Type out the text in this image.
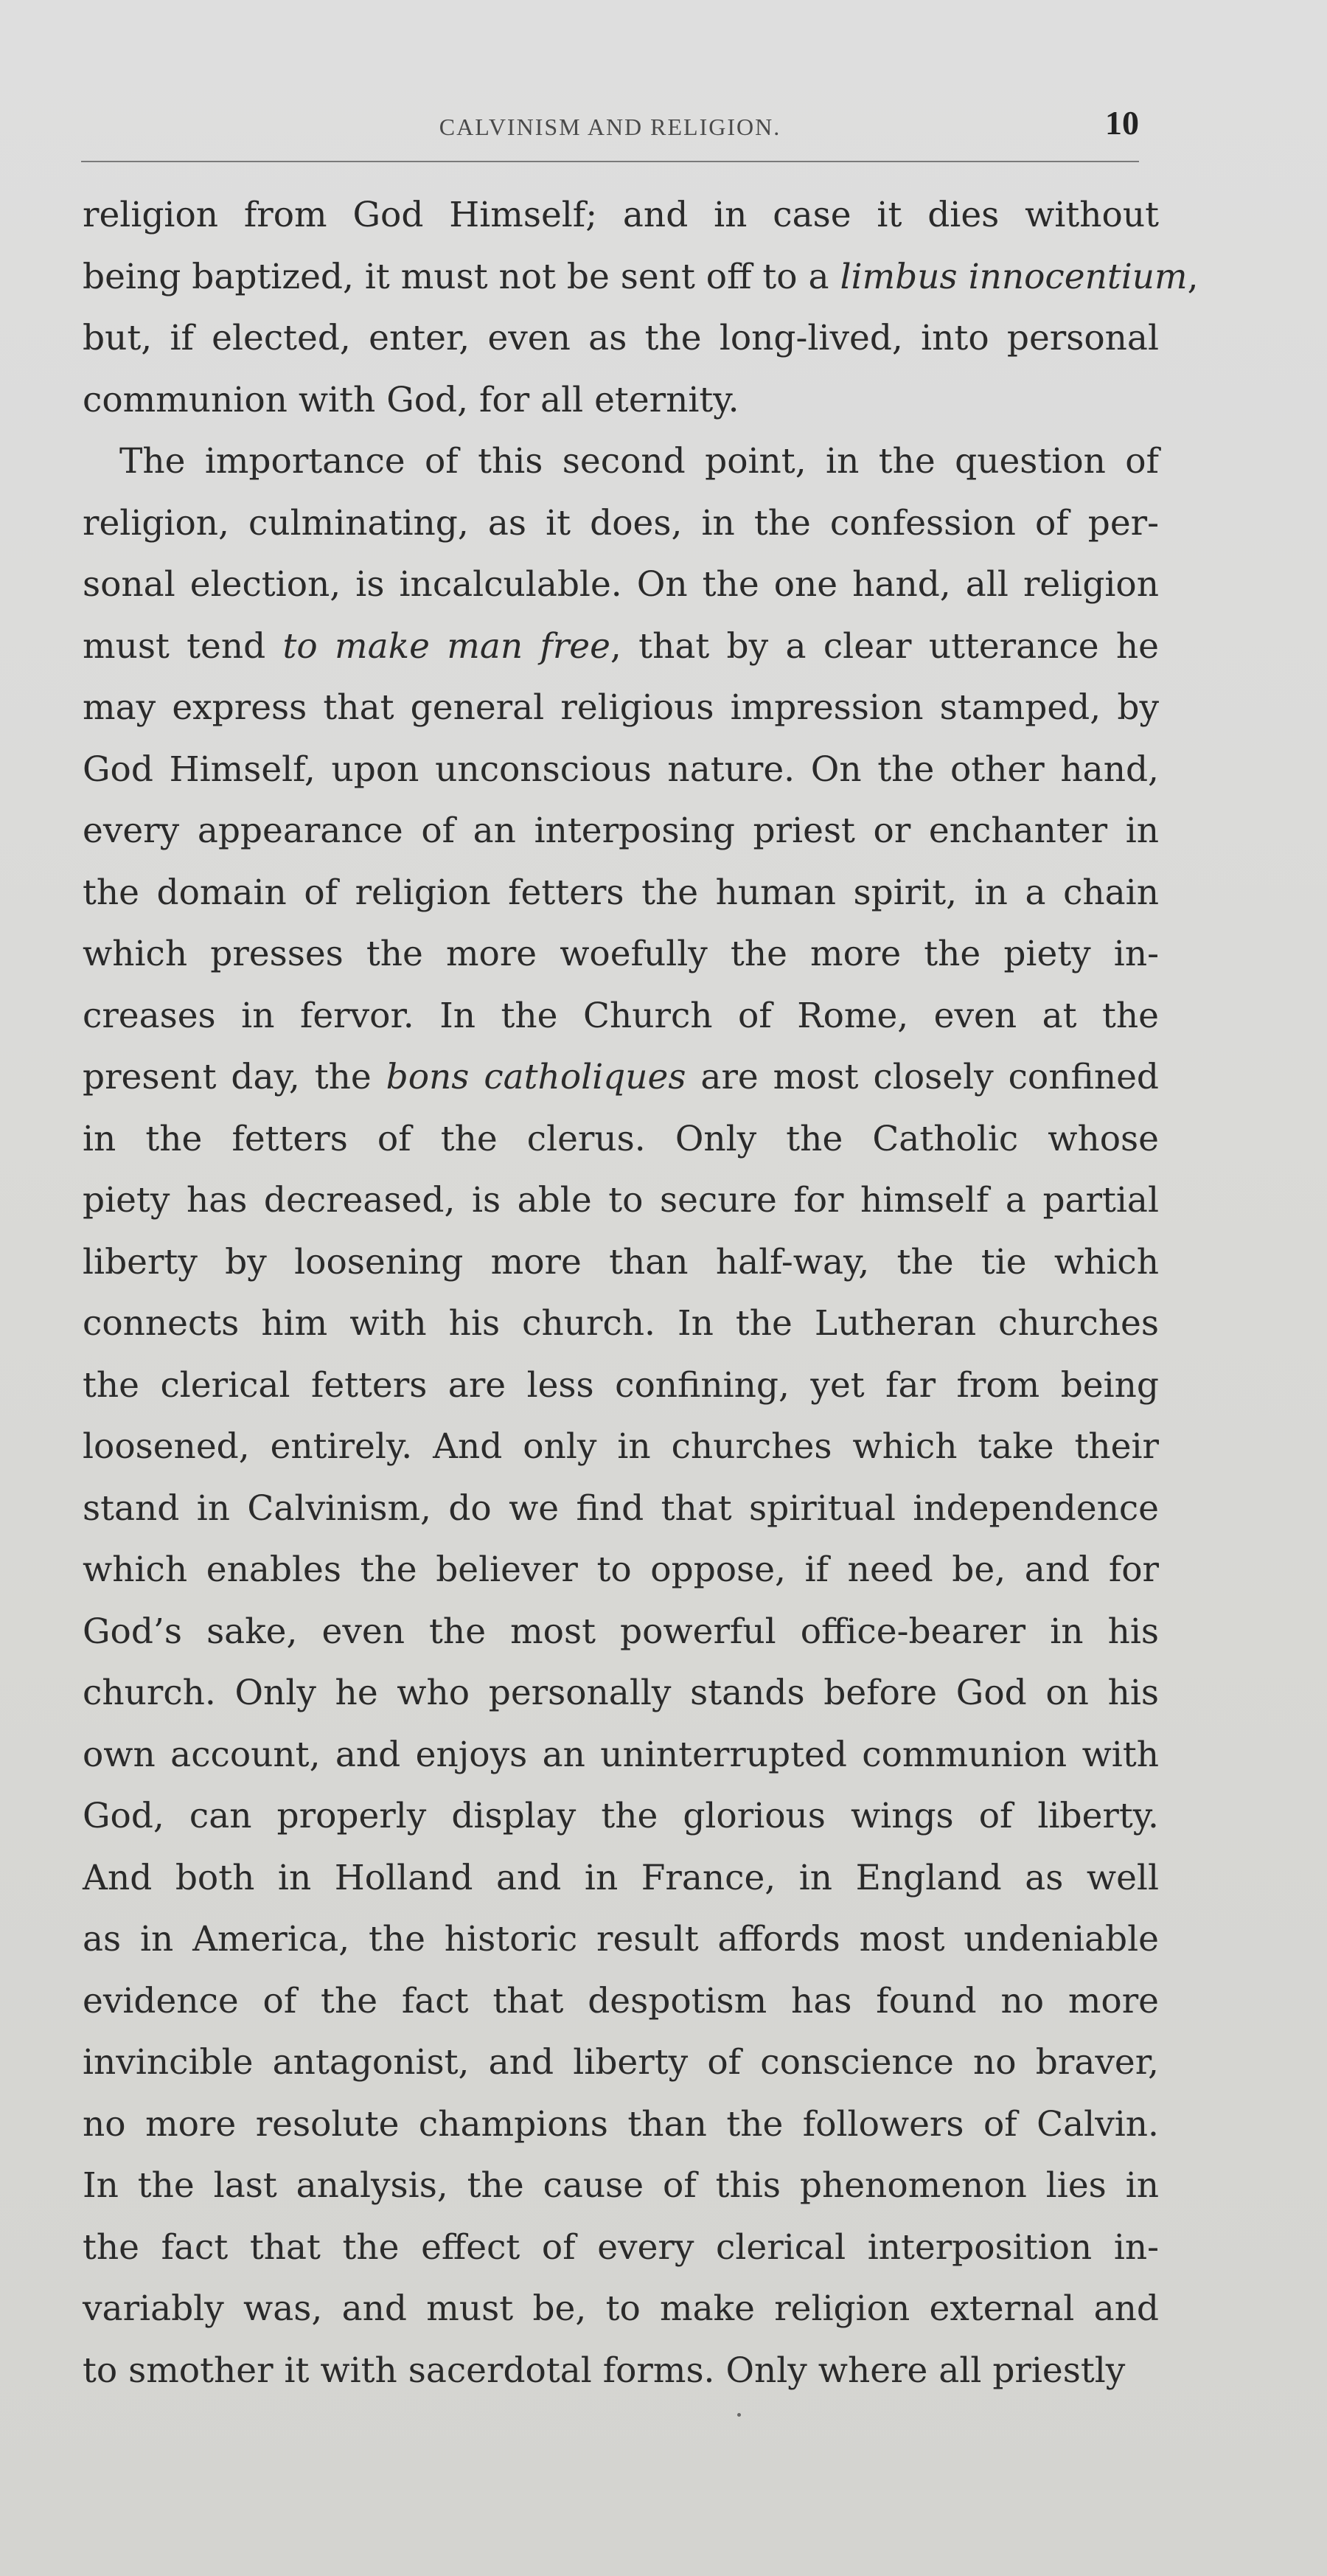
CALVINISM AND RELIGION.	10
religion from God Himself; and in case it dies without
being baptized, it must not be sent off to a limbus innocentium,
but, if elected, enter, even as the long-lived, into personal
communion with God, for all eternity.
The importance of this second point, in the question of
religion, culminating, as it does, in the confession of per-
sonal election, is incalculable. On the one hand, all religion
must tend to make man free, that by a clear utterance he
may express that general religious impression stamped, by
God Himself, upon unconscious nature. On the other hand,
every appearance of an interposing priest or enchanter in
the domain of religion fetters the human spirit, in a chain
which presses the more woefully the more the piety in-
creases in fervor. In the Church of Rome, even at the
present day, the bons catholiques are most closely confined
in the fetters of the clerus. Only the Catholic whose
piety has decreased, is able to secure for himself a partial
liberty by loosening more than half-way, the tie which
connects him with his church. In the Lutheran churches
the clerical fetters are less confining, yet far from being
loosened, entirely. And only in churches which take their
stand in Calvinism, do we find that spiritual independence
which enables the believer to oppose, if need be, and for
God’s sake, even the most powerful office-bearer in his
church. Only he who personally stands before God on his
own account, and enjoys an uninterrupted communion with
God, can properly display the glorious wings of liberty.
And both in Holland and in France, in England as well
as in America, the historic result affords most undeniable
evidence of the fact that despotism has found no more
invincible antagonist, and liberty of conscience no braver,
no more resolute champions than the followers of Calvin.
In the last analysis, the cause of this phenomenon lies in
the fact that the effect of every clerical interposition in-
variably was, and must be, to make religion external and
to smother it with sacerdotal forms. Only where all priestly
